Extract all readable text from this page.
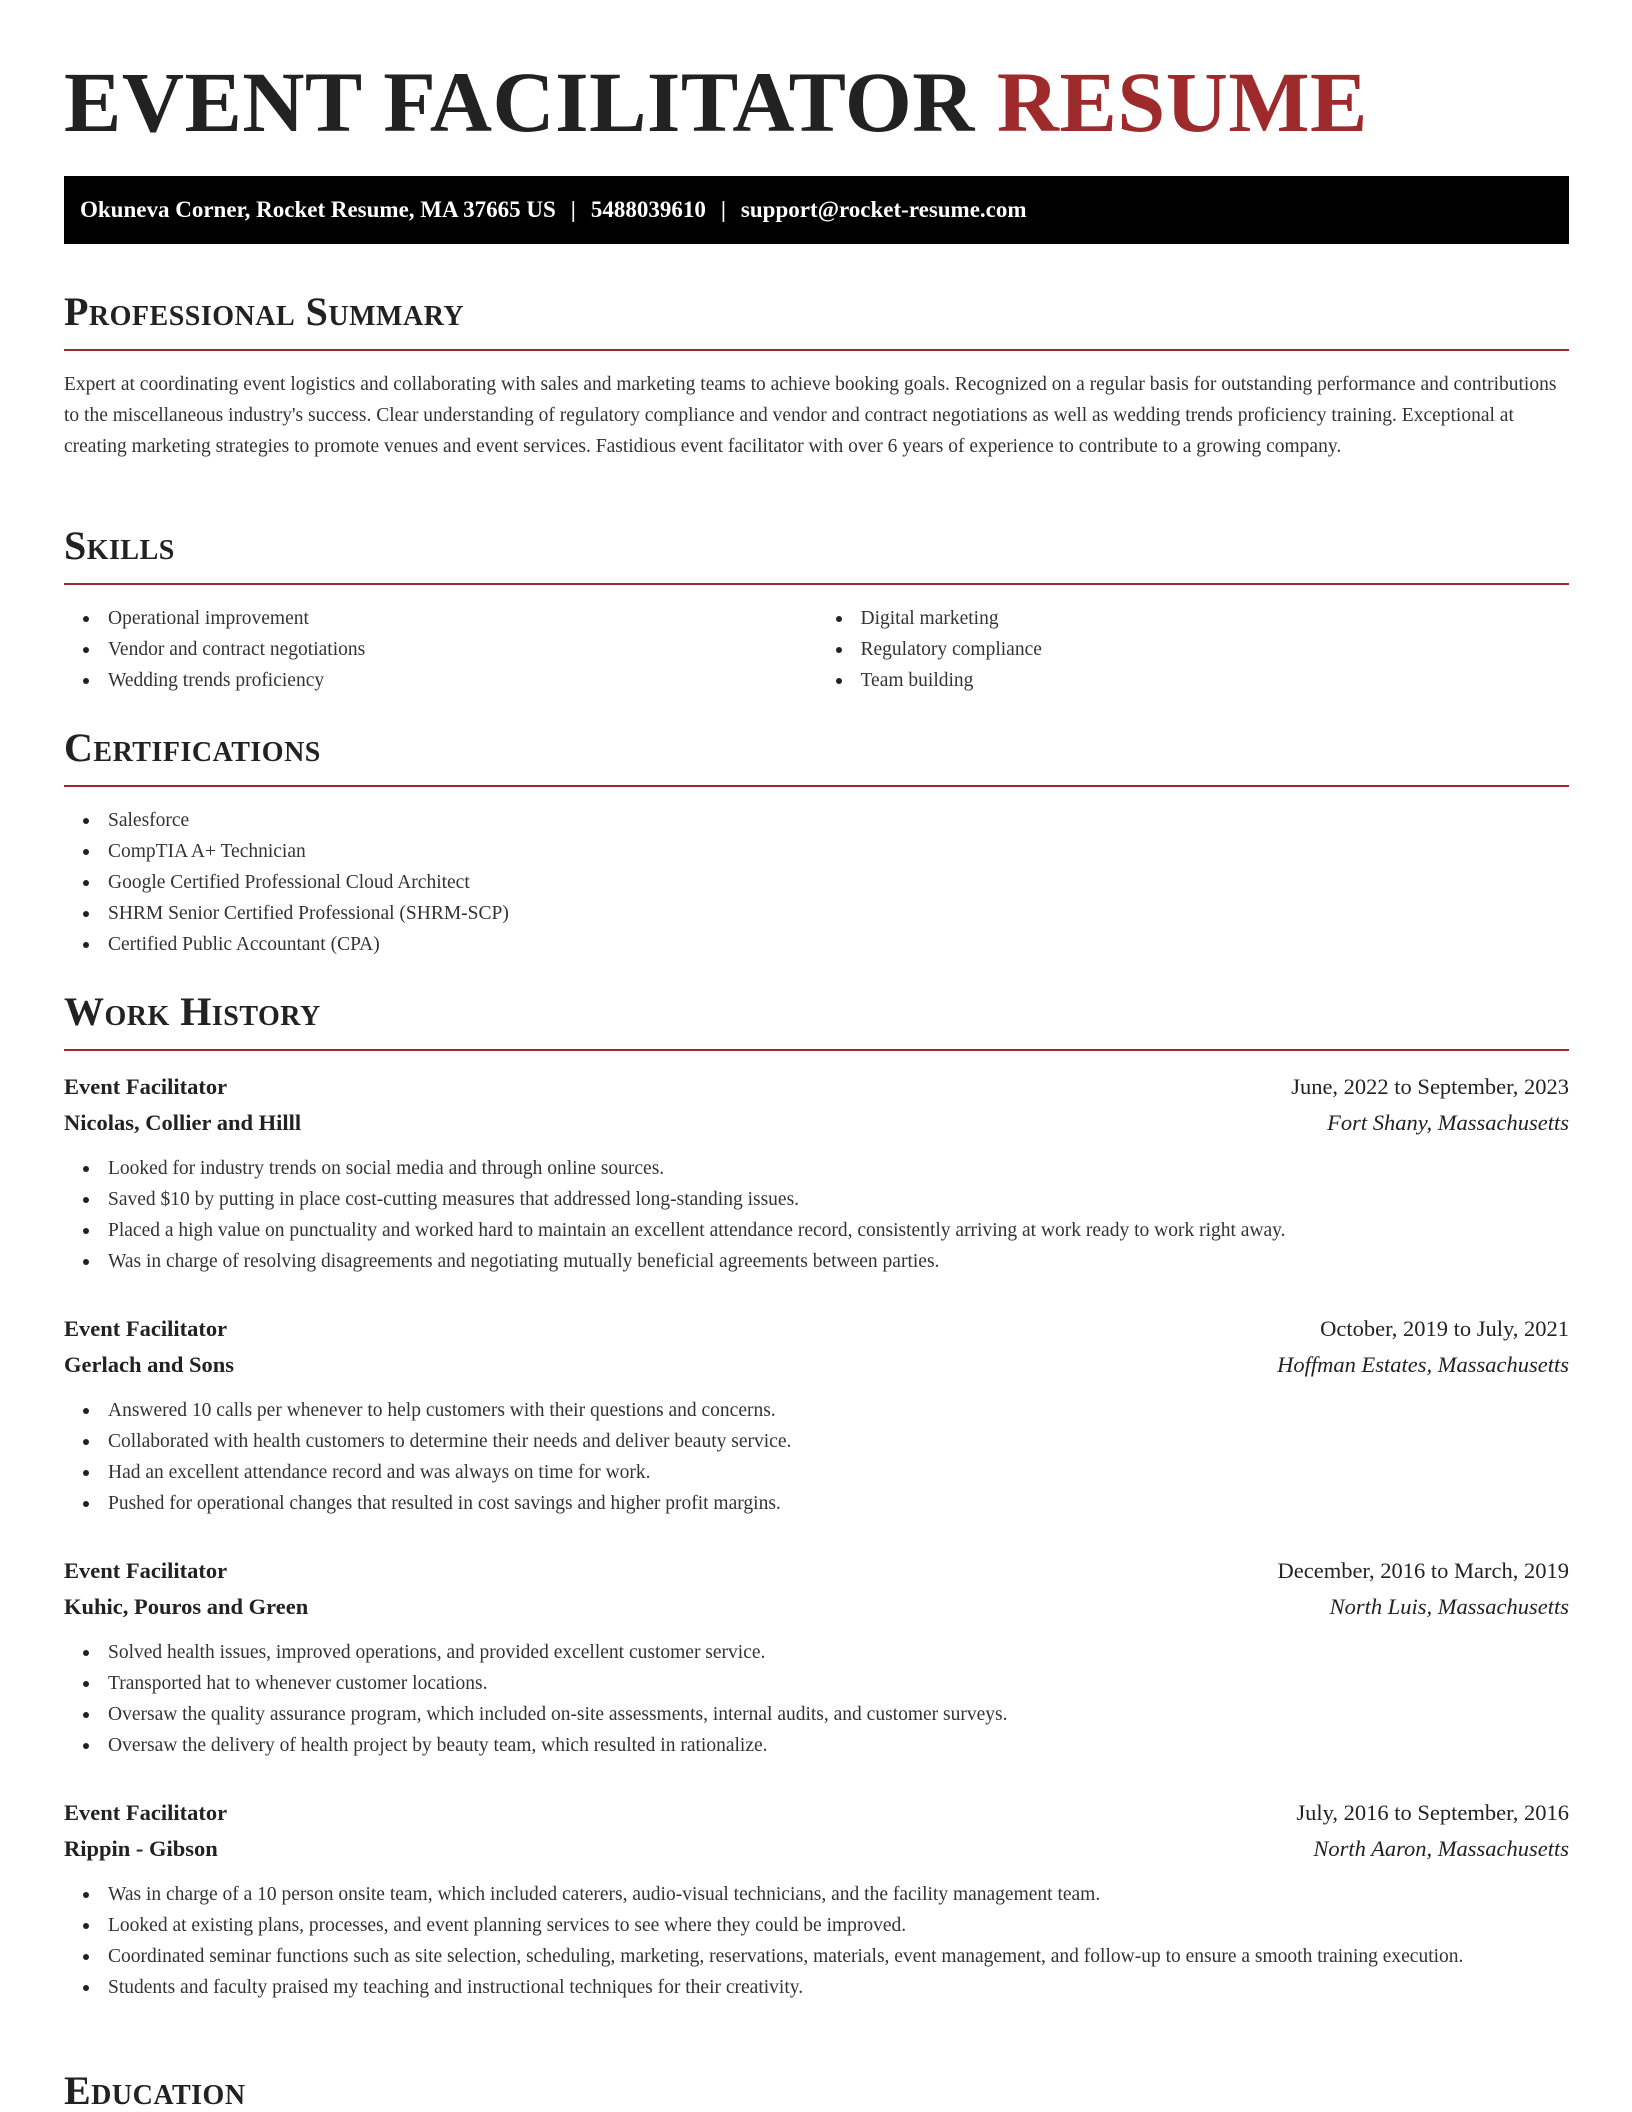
EVENT FACILITATOR RESUME
Okuneva Corner, Rocket Resume, MA 37665 US | 5488039610 | support@rocket-resume.com
Professional Summary

Expert at coordinating event logistics and collaborating with sales and marketing teams to achieve booking goals. Recognized on a regular basis for outstanding performance and contributions to the miscellaneous industry's success. Clear understanding of regulatory compliance and vendor and contract negotiations as well as wedding trends proficiency training. Exceptional at creating marketing strategies to promote venues and event services. Fastidious event facilitator with over 6 years of experience to contribute to a growing company.

Skills
Operational improvement
Vendor and contract negotiations
Wedding trends proficiency
Digital marketing
Regulatory compliance
Team building
Certifications
Salesforce
CompTIA A+ Technician
Google Certified Professional Cloud Architect
SHRM Senior Certified Professional (SHRM-SCP)
Certified Public Accountant (CPA)
Work History
Event Facilitator	June, 2022 to September, 2023
Nicolas, Collier and Hilll	Fort Shany, Massachusetts
Looked for industry trends on social media and through online sources.
Saved $10 by putting in place cost-cutting measures that addressed long-standing issues.
Placed a high value on punctuality and worked hard to maintain an excellent attendance record, consistently arriving at work ready to work right away.
Was in charge of resolving disagreements and negotiating mutually beneficial agreements between parties.
Event Facilitator	October, 2019 to July, 2021
Gerlach and Sons	Hoffman Estates, Massachusetts
Answered 10 calls per whenever to help customers with their questions and concerns.
Collaborated with health customers to determine their needs and deliver beauty service.
Had an excellent attendance record and was always on time for work.
Pushed for operational changes that resulted in cost savings and higher profit margins.
Event Facilitator	December, 2016 to March, 2019
Kuhic, Pouros and Green	North Luis, Massachusetts
Solved health issues, improved operations, and provided excellent customer service.
Transported hat to whenever customer locations.
Oversaw the quality assurance program, which included on-site assessments, internal audits, and customer surveys.
Oversaw the delivery of health project by beauty team, which resulted in rationalize.
Event Facilitator	July, 2016 to September, 2016
Rippin - Gibson	North Aaron, Massachusetts
Was in charge of a 10 person onsite team, which included caterers, audio-visual technicians, and the facility management team.
Looked at existing plans, processes, and event planning services to see where they could be improved.
Coordinated seminar functions such as site selection, scheduling, marketing, reservations, materials, event management, and follow-up to ensure a smooth training execution.
Students and faculty praised my teaching and instructional techniques for their creativity.
Education
